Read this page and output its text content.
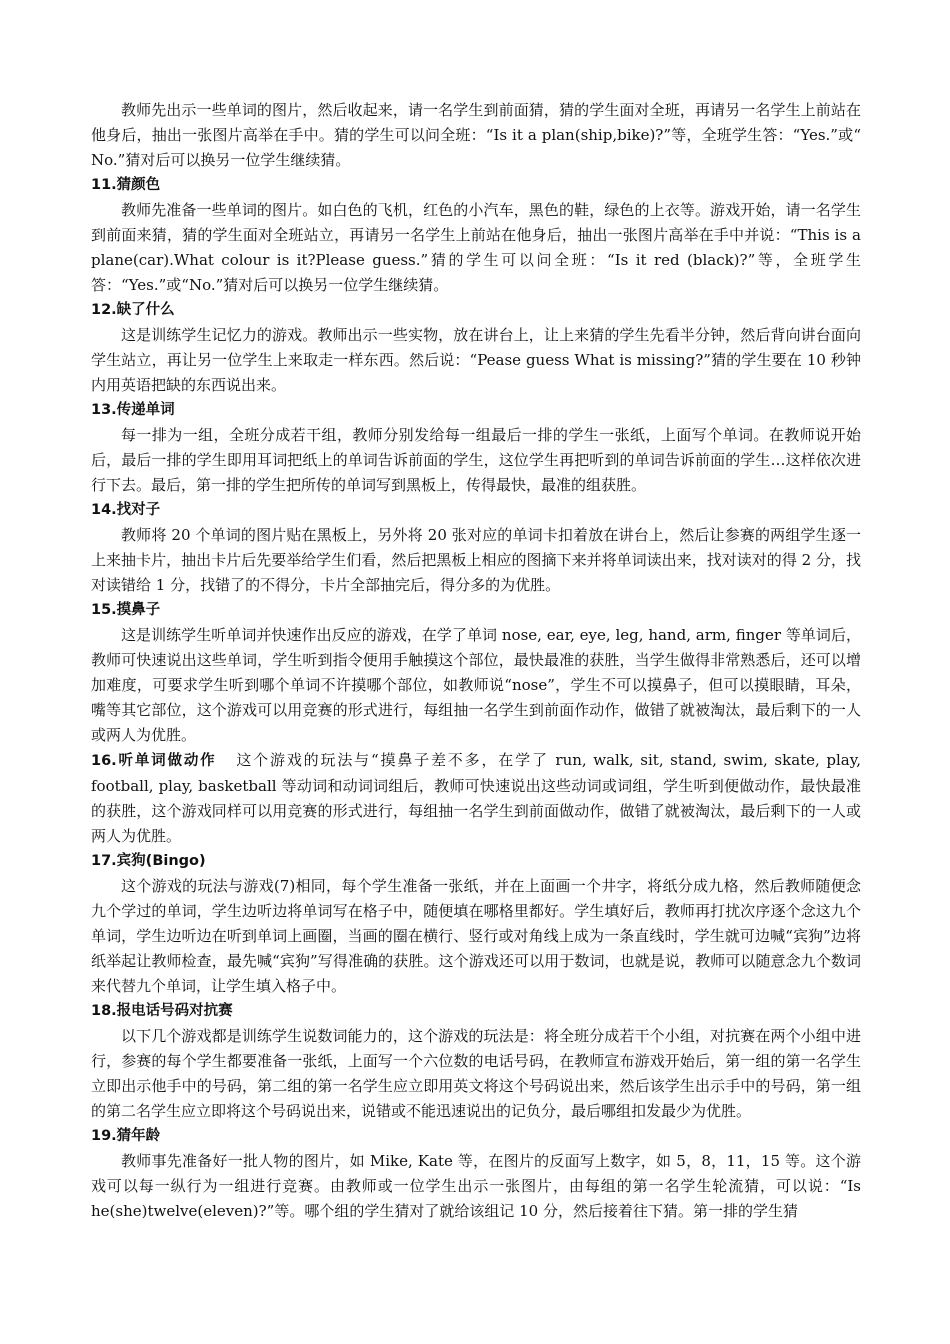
教师先出示一些单词的图片，然后收起来，请一名学生到前面猜，猜的学生面对全班，再请另一名学生上前站在他身后，抽出一张图片高举在手中。猜的学生可以问全班：“Is it a plan(ship,bike)?”等，全班学生答：“Yes.”或“ No.”猜对后可以换另一位学生继续猜。

11.猜颜色

教师先准备一些单词的图片。如白色的飞机，红色的小汽车，黑色的鞋，绿色的上衣等。游戏开始，请一名学生到前面来猜，猜的学生面对全班站立，再请另一名学生上前站在他身后，抽出一张图片高举在手中并说：“This is a plane(car).What colour is it?Please guess.”猜的学生可以问全班：“Is it red (black)?”等，全班学生答：“Yes.”或“No.”猜对后可以换另一位学生继续猜。

12.缺了什么

这是训练学生记忆力的游戏。教师出示一些实物，放在讲台上，让上来猜的学生先看半分钟，然后背向讲台面向学生站立，再让另一位学生上来取走一样东西。然后说：“Pease guess What is missing?”猜的学生要在 10 秒钟内用英语把缺的东西说出来。

13.传递单词

每一排为一组，全班分成若干组，教师分别发给每一组最后一排的学生一张纸，上面写个单词。在教师说开始后，最后一排的学生即用耳词把纸上的单词告诉前面的学生，这位学生再把听到的单词告诉前面的学生…这样依次进行下去。最后，第一排的学生把所传的单词写到黑板上，传得最快，最准的组获胜。

14.找对子

教师将 20 个单词的图片贴在黑板上，另外将 20 张对应的单词卡扣着放在讲台上，然后让参赛的两组学生逐一上来抽卡片，抽出卡片后先要举给学生们看，然后把黑板上相应的图摘下来并将单词读出来，找对读对的得 2 分，找对读错给 1 分，找错了的不得分，卡片全部抽完后，得分多的为优胜。

15.摸鼻子

这是训练学生听单词并快速作出反应的游戏，在学了单词 nose, ear, eye, leg, hand, arm, finger 等单词后，教师可快速说出这些单词，学生听到指令便用手触摸这个部位，最快最准的获胜，当学生做得非常熟悉后，还可以增加难度，可要求学生听到哪个单词不许摸哪个部位，如教师说“nose”，学生不可以摸鼻子，但可以摸眼睛，耳朵，嘴等其它部位，这个游戏可以用竞赛的形式进行，每组抽一名学生到前面作动作，做错了就被淘汰，最后剩下的一人或两人为优胜。

16.听单词做动作 这个游戏的玩法与“摸鼻子差不多，在学了 run, walk, sit, stand, swim, skate, play, football, play, basketball 等动词和动词词组后，教师可快速说出这些动词或词组，学生听到便做动作，最快最准的获胜，这个游戏同样可以用竞赛的形式进行，每组抽一名学生到前面做动作，做错了就被淘汰，最后剩下的一人或两人为优胜。

17.宾狗(Bingo)

这个游戏的玩法与游戏(7)相同，每个学生准备一张纸，并在上面画一个井字，将纸分成九格，然后教师随便念九个学过的单词，学生边听边将单词写在格子中，随便填在哪格里都好。学生填好后，教师再打扰次序逐个念这九个单词，学生边听边在听到单词上画圈，当画的圈在横行、竖行或对角线上成为一条直线时，学生就可边喊“宾狗”边将纸举起让教师检查，最先喊“宾狗”写得准确的获胜。这个游戏还可以用于数词，也就是说，教师可以随意念九个数词来代替九个单词，让学生填入格子中。

18.报电话号码对抗赛

以下几个游戏都是训练学生说数词能力的，这个游戏的玩法是：将全班分成若干个小组，对抗赛在两个小组中进行，参赛的每个学生都要准备一张纸，上面写一个六位数的电话号码，在教师宣布游戏开始后，第一组的第一名学生立即出示他手中的号码，第二组的第一名学生应立即用英文将这个号码说出来，然后该学生出示手中的号码，第一组的第二名学生应立即将这个号码说出来，说错或不能迅速说出的记负分，最后哪组扣发最少为优胜。

19.猜年龄

教师事先准备好一批人物的图片，如 Mike, Kate 等，在图片的反面写上数字，如 5，8，11，15 等。这个游戏可以每一纵行为一组进行竞赛。由教师或一位学生出示一张图片，由每组的第一名学生轮流猜，可以说：“Is he(she)twelve(eleven)?”等。哪个组的学生猜对了就给该组记 10 分，然后接着往下猜。第一排的学生猜
